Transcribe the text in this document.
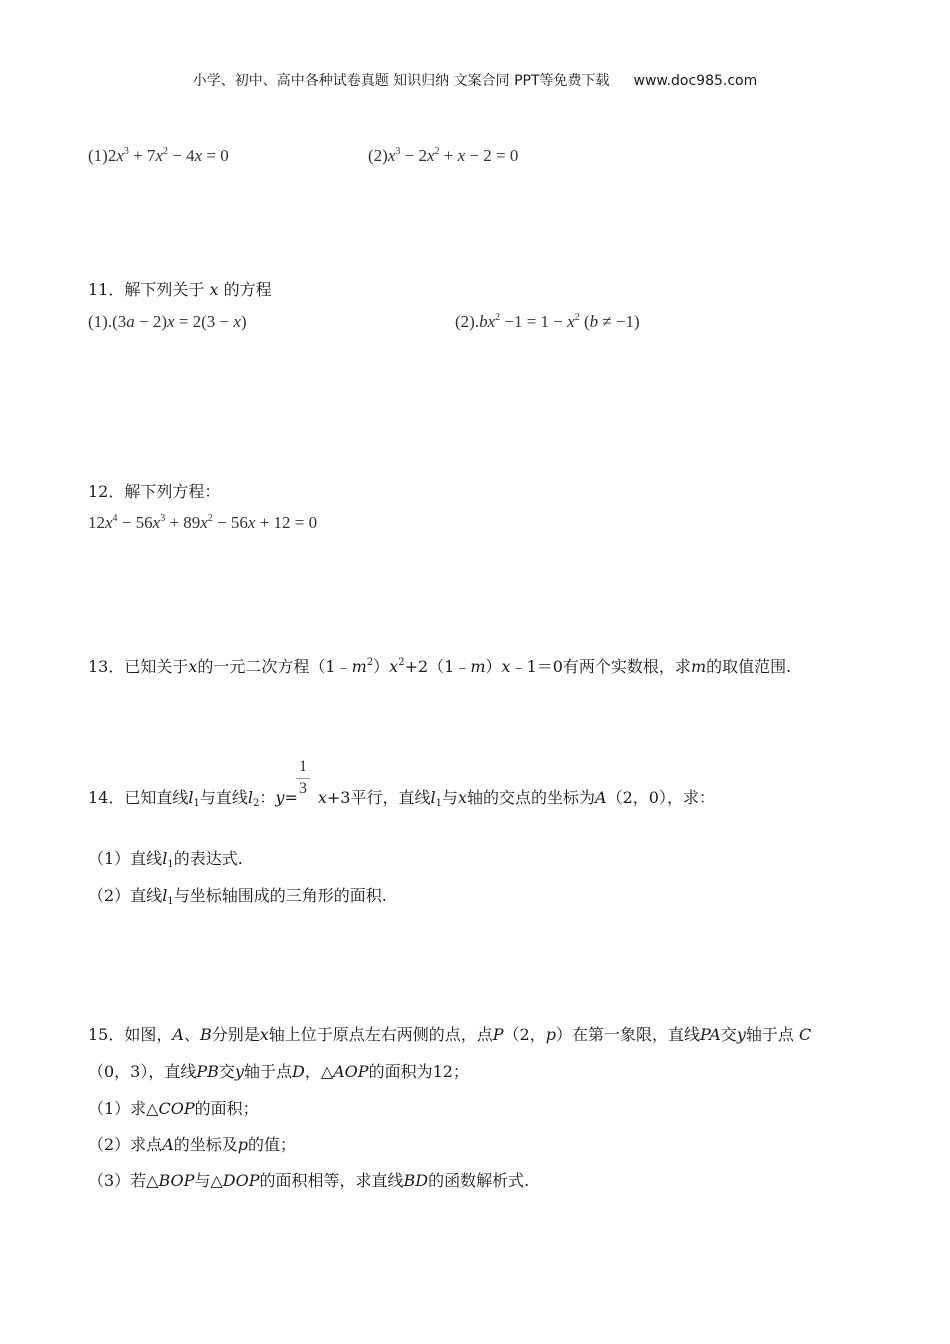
小学、初中、高中各种试卷真题 知识归纳 文案合同 PPT等免费下载 www.doc985.com
$(1)2x^3 + 7x^2 - 4x = 0$	$(2)x^3 - 2x^2 + x - 2 = 0$
11．解下列关于 x 的方程
(1).(3a − 2)x = 2(3 − x)	$(2).bx^2 -1 = 1 - x^2$ (b ≠ −1)
12．解下列方程：
$12x^4 - 56x^3 + 89x^2 - 56x + 12 = 0$
13．已知关于x的一元二次方程$(1﹣m^2)x^2+2(1﹣m)x﹣1=0$有两个实数根，求m的取值范围.
1
3
14．已知直线$l_1$与直线$l_2$：y= x+3平行，直线$l_1$与x轴的交点的坐标为A（2，0），求：
（1）直线$l_1$的表达式.
（2）直线$l_1$与坐标轴围成的三角形的面积.
15．如图，A、B分别是x轴上位于原点左右两侧的点，点P（2，p）在第一象限，直线PA交y轴于点 C
（0，3），直线PB交y轴于点D，△AOP的面积为12；
（1）求△COP的面积；
（2）求点A的坐标及p的值；
（3）若△BOP与△DOP的面积相等，求直线BD的函数解析式.
